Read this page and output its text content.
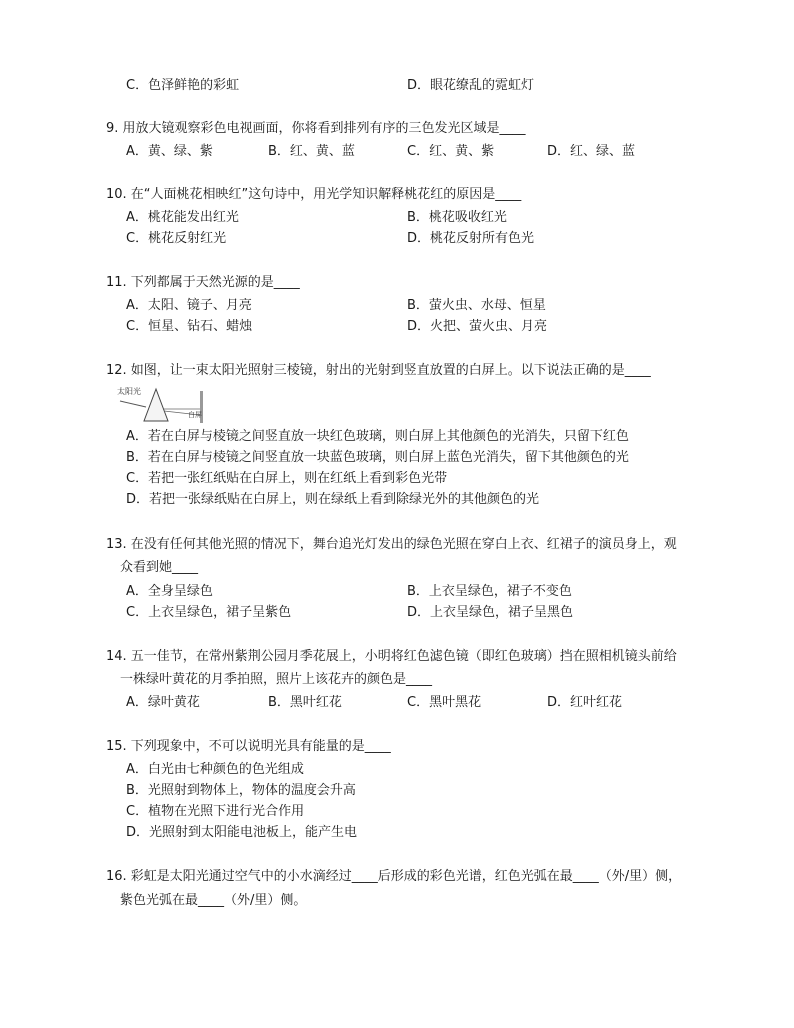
C．色泽鲜艳的彩虹	D．眼花缭乱的霓虹灯
9. 用放大镜观察彩色电视画面，你将看到排列有序的三色发光区域是____
A．黄、绿、紫	B．红、黄、蓝	C．红、黄、紫	D．红、绿、蓝
10. 在“人面桃花相映红”这句诗中，用光学知识解释桃花红的原因是____
A．桃花能发出红光	B．桃花吸收红光
C．桃花反射红光	D．桃花反射所有色光
11. 下列都属于天然光源的是____
A．太阳、镜子、月亮	B．萤火虫、水母、恒星
C．恒星、钻石、蜡烛	D．火把、萤火虫、月亮
12. 如图，让一束太阳光照射三棱镜，射出的光射到竖直放置的白屏上。以下说法正确的是____
太阳光
白屏
A．若在白屏与棱镜之间竖直放一块红色玻璃，则白屏上其他颜色的光消失，只留下红色
B．若在白屏与棱镜之间竖直放一块蓝色玻璃，则白屏上蓝色光消失，留下其他颜色的光
C．若把一张红纸贴在白屏上，则在红纸上看到彩色光带
D．若把一张绿纸贴在白屏上，则在绿纸上看到除绿光外的其他颜色的光
13. 在没有任何其他光照的情况下，舞台追光灯发出的绿色光照在穿白上衣、红裙子的演员身上，观
众看到她____
A．全身呈绿色	B．上衣呈绿色，裙子不变色
C．上衣呈绿色，裙子呈紫色	D．上衣呈绿色，裙子呈黑色
14. 五一佳节，在常州紫荆公园月季花展上，小明将红色滤色镜（即红色玻璃）挡在照相机镜头前给
一株绿叶黄花的月季拍照，照片上该花卉的颜色是____
A．绿叶黄花	B．黑叶红花	C．黑叶黑花	D．红叶红花
15. 下列现象中，不可以说明光具有能量的是____
A．白光由七种颜色的色光组成
B．光照射到物体上，物体的温度会升高
C．植物在光照下进行光合作用
D．光照射到太阳能电池板上，能产生电
16. 彩虹是太阳光通过空气中的小水滴经过____后形成的彩色光谱，红色光弧在最____（外/里）侧，
紫色光弧在最____（外/里）侧。
